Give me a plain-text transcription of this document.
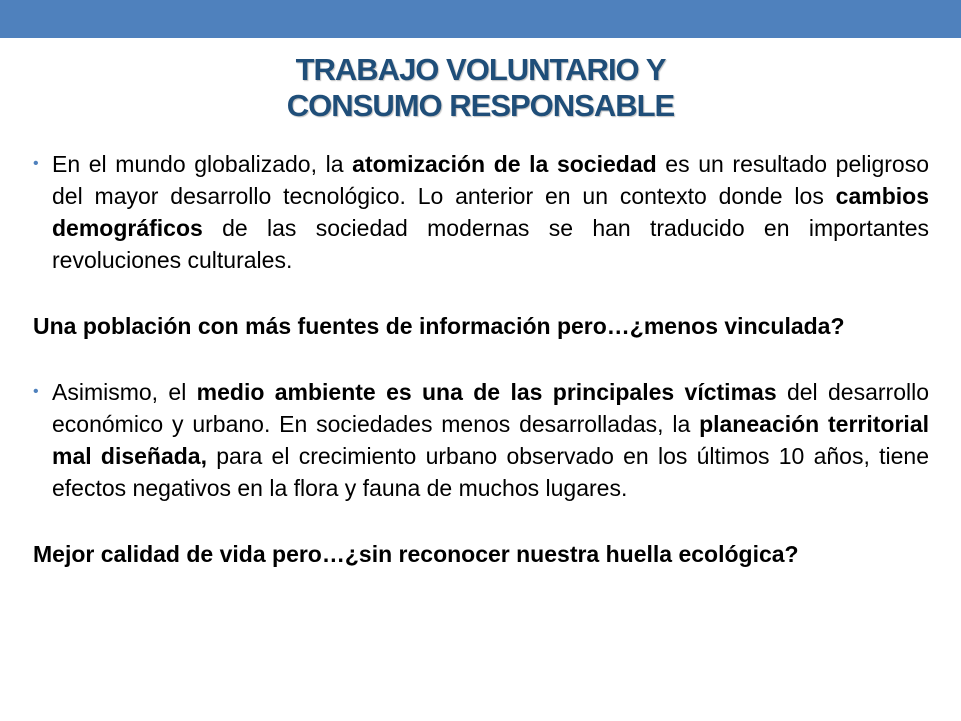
TRABAJO VOLUNTARIO Y
CONSUMO RESPONSABLE
• En el mundo globalizado, la atomización de la sociedad es un resultado peligroso del mayor desarrollo tecnológico. Lo anterior en un contexto donde los cambios demográficos de las sociedad modernas se han traducido en importantes revoluciones culturales.
Una población con más fuentes de información pero…¿menos vinculada?
• Asimismo, el medio ambiente es una de las principales víctimas del desarrollo económico y urbano. En sociedades menos desarrolladas, la planeación territorial mal diseñada, para el crecimiento urbano observado en los últimos 10 años, tiene efectos negativos en la flora y fauna de muchos lugares.
Mejor calidad de vida pero…¿sin reconocer nuestra huella ecológica?
